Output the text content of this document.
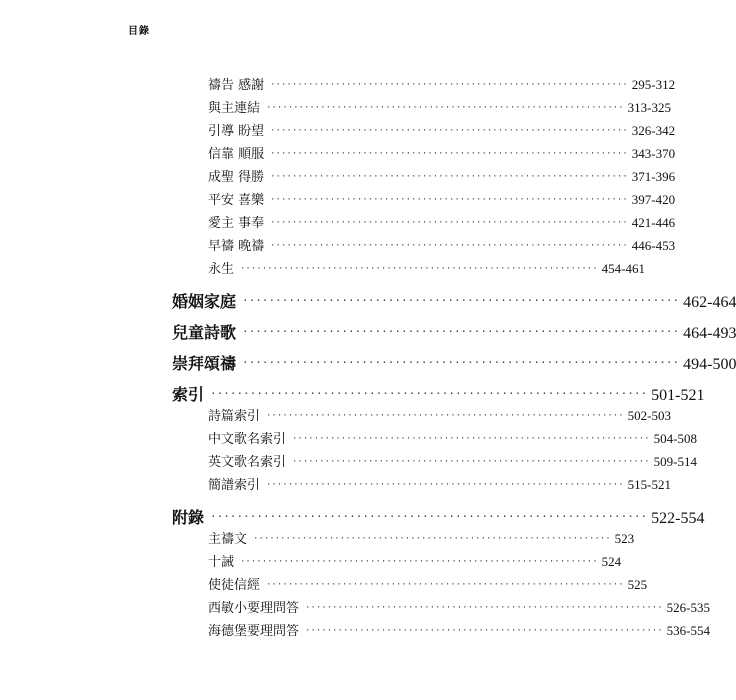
目錄
禱告 感謝 ·································································· 295-312
與主連結 ·································································· 313-325
引導 盼望 ·································································· 326-342
信靠 順服 ·································································· 343-370
成聖 得勝 ·································································· 371-396
平安 喜樂 ·································································· 397-420
愛主 事奉 ·································································· 421-446
早禱 晚禱 ·································································· 446-453
永生 ·································································· 454-461
婚姻家庭 ·································································· 462-464
兒童詩歌 ·································································· 464-493
崇拜頌禱 ·································································· 494-500
索引 ·································································· 501-521
詩篇索引 ·································································· 502-503
中文歌名索引 ·································································· 504-508
英文歌名索引 ·································································· 509-514
簡譜索引 ·································································· 515-521
附錄 ·································································· 522-554
主禱文 ·································································· 523
十誡 ·································································· 524
使徒信經 ·································································· 525
西敏小要理問答 ·································································· 526-535
海德堡要理問答 ·································································· 536-554
